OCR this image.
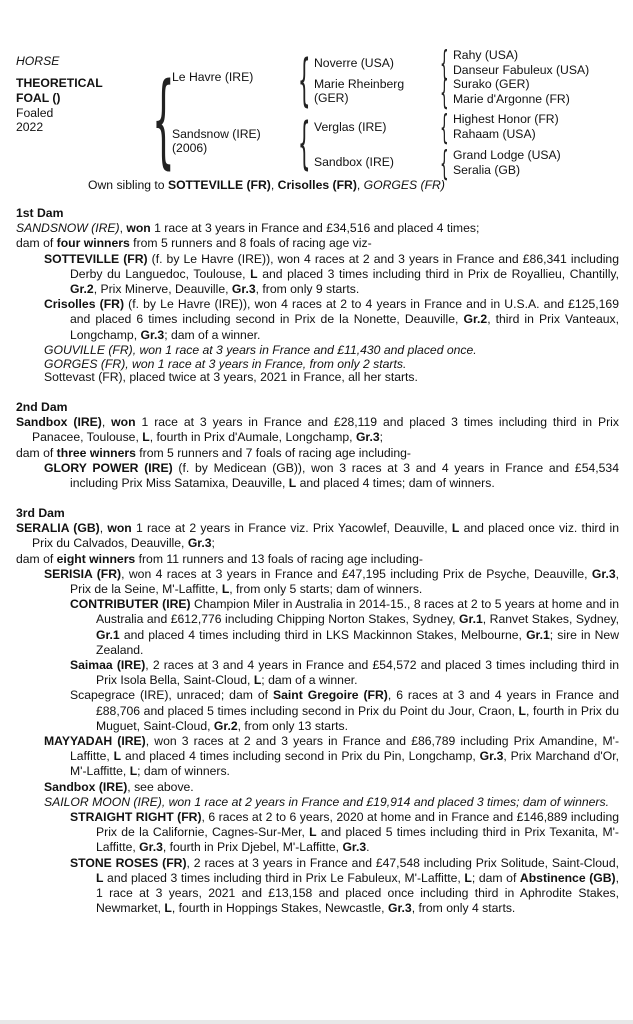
HORSE
THEORETICAL
FOAL ()
Foaled
2022 {
Le Havre (IRE)
Sandsnow (IRE)
(2006)
{ Noverre (USA)
Marie Rheinberg
(GER)
{ Verglas (IRE)
Sandbox (IRE)
{ Rahy (USA)
Danseur Fabuleux (USA)
{ Surako (GER)
Marie d'Argonne (FR)
{ Highest Honor (FR)
Rahaam (USA)
{ Grand Lodge (USA)
Seralia (GB)
Own sibling to SOTTEVILLE (FR), Crisolles (FR), GORGES (FR)

1st Dam

SANDSNOW (IRE), won 1 race at 3 years in France and £34,516 and placed 4 times;

dam of four winners from 5 runners and 8 foals of racing age viz-

SOTTEVILLE (FR) (f. by Le Havre (IRE)), won 4 races at 2 and 3 years in France and £86,341 including Derby du Languedoc, Toulouse, L and placed 3 times including third in Prix de Royallieu, Chantilly, Gr.2, Prix Minerve, Deauville, Gr.3, from only 9 starts.

Crisolles (FR) (f. by Le Havre (IRE)), won 4 races at 2 to 4 years in France and in U.S.A. and £125,169 and placed 6 times including second in Prix de la Nonette, Deauville, Gr.2, third in Prix Vanteaux, Longchamp, Gr.3; dam of a winner.

GOUVILLE (FR), won 1 race at 3 years in France and £11,430 and placed once.

GORGES (FR), won 1 race at 3 years in France, from only 2 starts.

Sottevast (FR), placed twice at 3 years, 2021 in France, all her starts.

2nd Dam

Sandbox (IRE), won 1 race at 3 years in France and £28,119 and placed 3 times including third in Prix Panacee, Toulouse, L, fourth in Prix d'Aumale, Longchamp, Gr.3;

dam of three winners from 5 runners and 7 foals of racing age including-

GLORY POWER (IRE) (f. by Medicean (GB)), won 3 races at 3 and 4 years in France and £54,534 including Prix Miss Satamixa, Deauville, L and placed 4 times; dam of winners.

3rd Dam

SERALIA (GB), won 1 race at 2 years in France viz. Prix Yacowlef, Deauville, L and placed once viz. third in Prix du Calvados, Deauville, Gr.3;

dam of eight winners from 11 runners and 13 foals of racing age including-

SERISIA (FR), won 4 races at 3 years in France and £47,195 including Prix de Psyche, Deauville, Gr.3, Prix de la Seine, M'-Laffitte, L, from only 5 starts; dam of winners.

CONTRIBUTER (IRE) Champion Miler in Australia in 2014-15., 8 races at 2 to 5 years at home and in Australia and £612,776 including Chipping Norton Stakes, Sydney, Gr.1, Ranvet Stakes, Sydney, Gr.1 and placed 4 times including third in LKS Mackinnon Stakes, Melbourne, Gr.1; sire in New Zealand.

Saimaa (IRE), 2 races at 3 and 4 years in France and £54,572 and placed 3 times including third in Prix Isola Bella, Saint-Cloud, L; dam of a winner.

Scapegrace (IRE), unraced; dam of Saint Gregoire (FR), 6 races at 3 and 4 years in France and £88,706 and placed 5 times including second in Prix du Point du Jour, Craon, L, fourth in Prix du Muguet, Saint-Cloud, Gr.2, from only 13 starts.

MAYYADAH (IRE), won 3 races at 2 and 3 years in France and £86,789 including Prix Amandine, M'-Laffitte, L and placed 4 times including second in Prix du Pin, Longchamp, Gr.3, Prix Marchand d'Or, M'-Laffitte, L; dam of winners.

Sandbox (IRE), see above.

SAILOR MOON (IRE), won 1 race at 2 years in France and £19,914 and placed 3 times; dam of winners.

STRAIGHT RIGHT (FR), 6 races at 2 to 6 years, 2020 at home and in France and £146,889 including Prix de la Californie, Cagnes-Sur-Mer, L and placed 5 times including third in Prix Texanita, M'-Laffitte, Gr.3, fourth in Prix Djebel, M'-Laffitte, Gr.3.

STONE ROSES (FR), 2 races at 3 years in France and £47,548 including Prix Solitude, Saint-Cloud, L and placed 3 times including third in Prix Le Fabuleux, M'-Laffitte, L; dam of Abstinence (GB), 1 race at 3 years, 2021 and £13,158 and placed once including third in Aphrodite Stakes, Newmarket, L, fourth in Hoppings Stakes, Newcastle, Gr.3, from only 4 starts.
